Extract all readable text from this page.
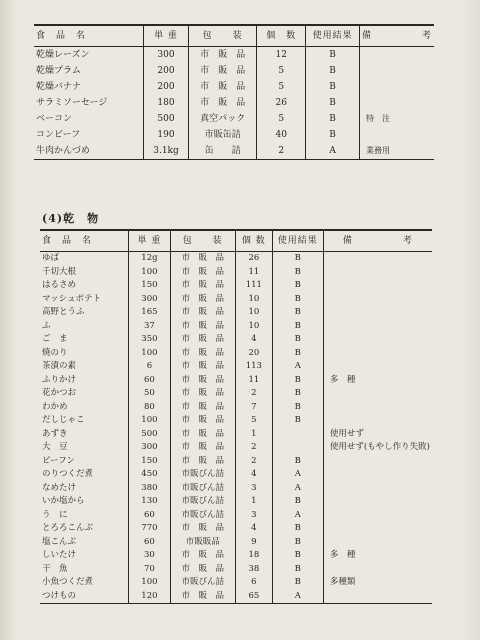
食　品　名	単 重	包　　装	個　数	使用結果	備　　　　　考
乾燥レーズン	300	市　販　品	12	B	
乾燥プラム	200	市　販　品	5	B	
乾燥バナナ	200	市　販　品	5	B	
サラミソーセージ	180	市　販　品	26	B	
ベーコン	500	真空パック	5	B	特　注
コンビーフ	190	市販缶詰	40	B	
牛肉かんづめ	3.1kg	缶　　詰	2	A	業務用
(4)乾　物
食　品　名	単 重	包　　装	個 数	使用結果	備　　　　　考
ゆば	12g	市　販　品	26	B	
千切大根	100	市　販　品	11	B	
はるさめ	150	市　販　品	111	B	
マッシュポテト	300	市　販　品	10	B	
高野とうふ	165	市　販　品	10	B	
ふ	37	市　販　品	10	B	
ご　ま	350	市　販　品	4	B	
焼のり	100	市　販　品	20	B	
茶漬の素	6	市　販　品	113	A	
ふりかけ	60	市　販　品	11	B	多　種
花かつお	50	市　販　品	2	B	
わかめ	80	市　販　品	7	B	
だしじゃこ	100	市　販　品	5	B	
あずき	500	市　販　品	1		使用せず
大　豆	300	市　販　品	2		使用せず(もやし作り失敗)
ビーフン	150	市　販　品	2	B	
のりつくだ煮	450	市販びん詰	4	A	
なめたけ	380	市販びん詰	3	A	
いか塩から	130	市販びん詰	1	B	
う　に	60	市販びん詰	3	A	
とろろこんぶ	770	市　販　品	4	B	
塩こんぶ	60	市販販品	9	B	
しいたけ	30	市　販　品	18	B	多　種
干　魚	70	市　販　品	38	B	
小魚つくだ煮	100	市販びん詰	6	B	多種類
つけもの	120	市　販　品	65	A	
